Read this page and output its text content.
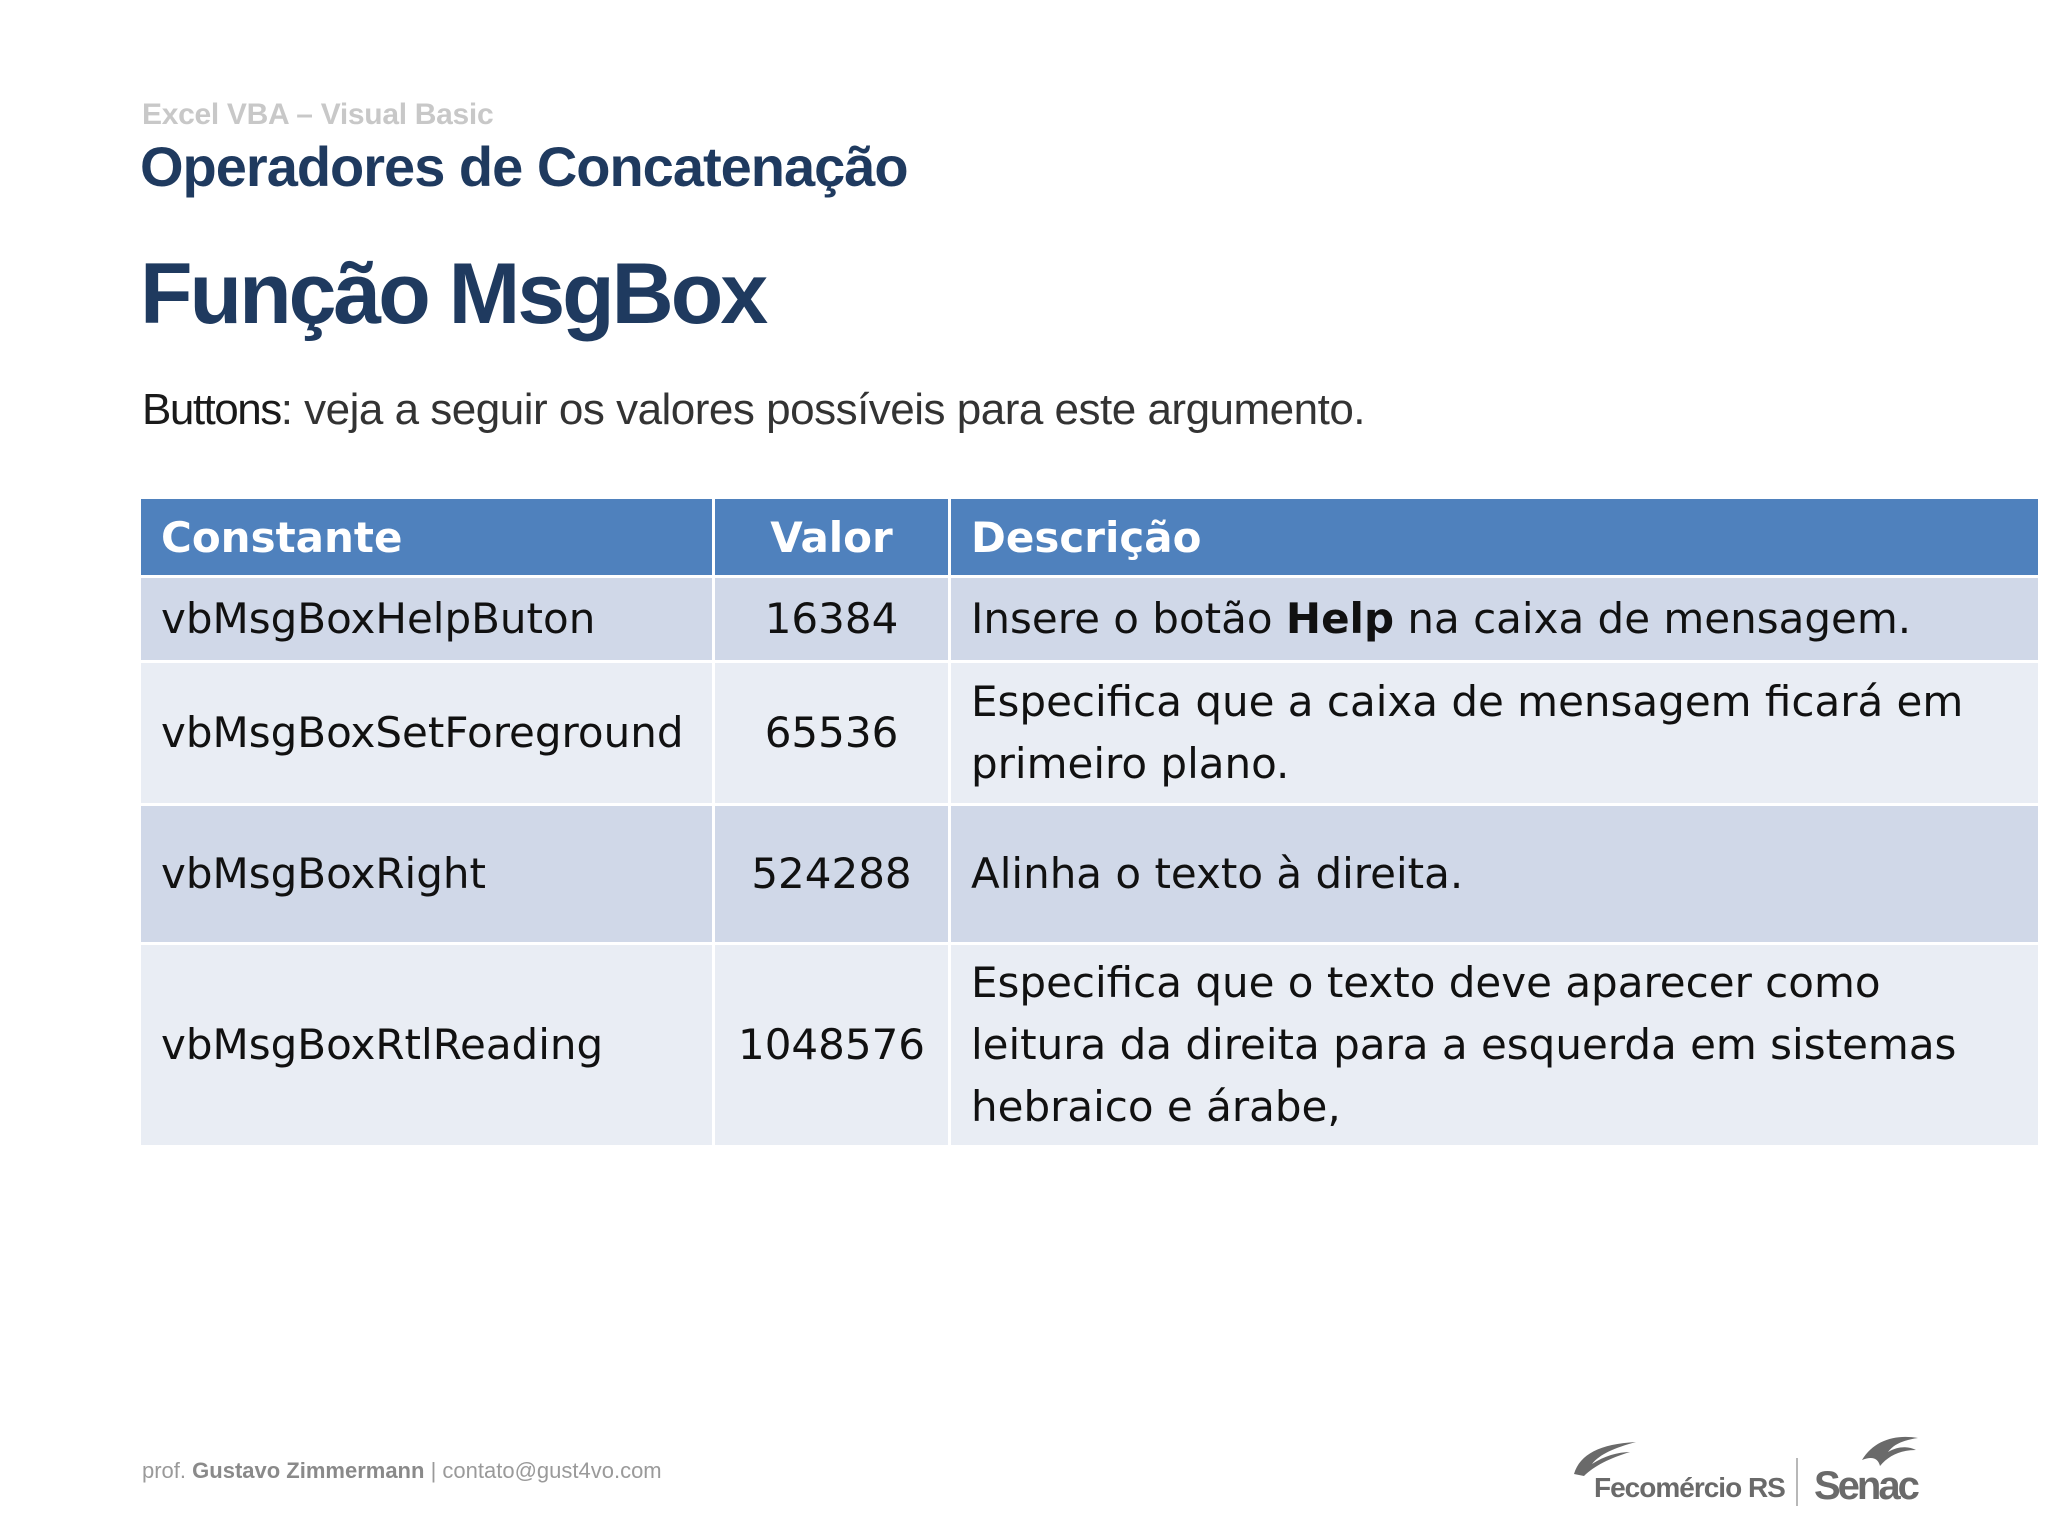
Excel VBA – Visual Basic
Operadores de Concatenação
Função MsgBox
Buttons: veja a seguir os valores possíveis para este argumento.
Constante	Valor	Descrição
vbMsgBoxHelpButon	16384	Insere o botão Help na caixa de mensagem.
vbMsgBoxSetForeground	65536	Especifica que a caixa de mensagem ficará em primeiro plano.
vbMsgBoxRight	524288	Alinha o texto à direita.
vbMsgBoxRtlReading	1048576	Especifica que o texto deve aparecer como leitura da direita para a esquerda em sistemas hebraico e árabe,
prof. Gustavo Zimmermann | contato@gust4vo.com
Fecomércio RS Senac
